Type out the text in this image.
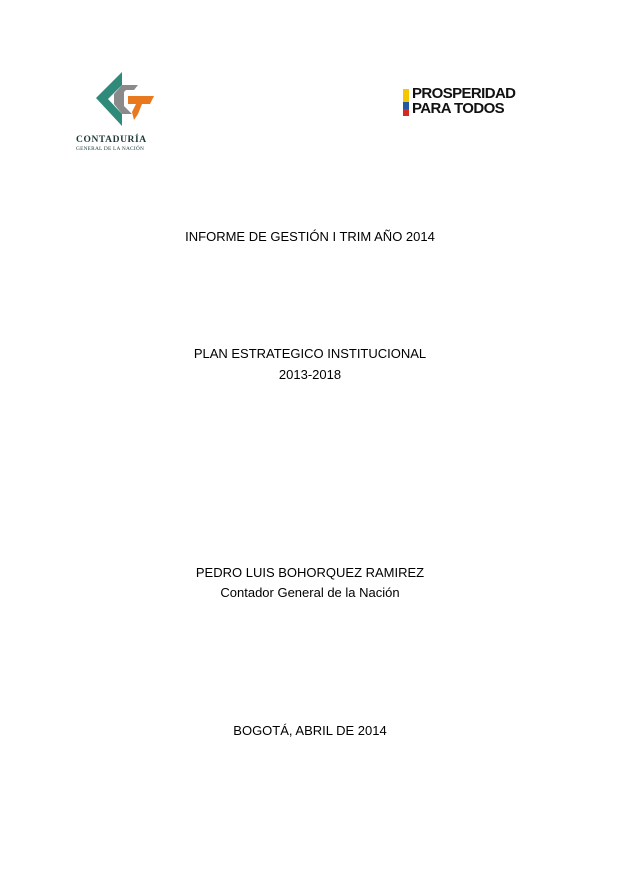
CONTADURÍA
GENERAL DE LA NACIÓN
PROSPERIDAD
PARA TODOS
INFORME DE GESTIÓN I TRIM AÑO 2014
PLAN ESTRATEGICO INSTITUCIONAL
2013-2018
PEDRO LUIS BOHORQUEZ RAMIREZ
Contador General de la Nación
BOGOTÁ, ABRIL DE 2014
